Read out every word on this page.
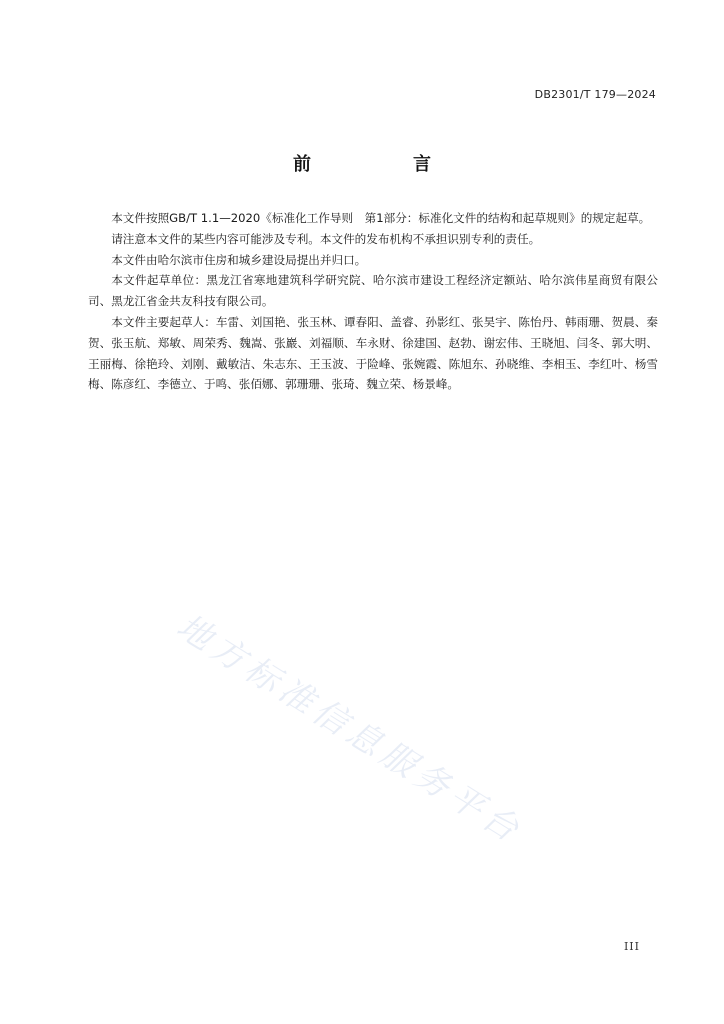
DB2301/T 179—2024
前　言

本文件按照GB/T 1.1—2020《标准化工作导则　第1部分：标准化文件的结构和起草规则》的规定起草。

请注意本文件的某些内容可能涉及专利。本文件的发布机构不承担识别专利的责任。

本文件由哈尔滨市住房和城乡建设局提出并归口。

本文件起草单位：黑龙江省寒地建筑科学研究院、哈尔滨市建设工程经济定额站、哈尔滨伟星商贸有限公司、黑龙江省金共友科技有限公司。

本文件主要起草人：车雷、刘国艳、张玉林、谭春阳、盖睿、孙影红、张昊宇、陈怡丹、韩雨珊、贺晨、秦贺、张玉航、郑敏、周荣秀、魏嵩、张巖、刘福顺、车永财、徐建国、赵勃、谢宏伟、王晓旭、闫冬、郭大明、王丽梅、徐艳玲、刘刚、戴敏洁、朱志东、王玉波、于险峰、张婉霞、陈旭东、孙晓维、李相玉、李红叶、杨雪梅、陈彦红、李德立、于鸣、张佰娜、郭珊珊、张琦、魏立荣、杨景峰。

地方标准信息服务平台
III
